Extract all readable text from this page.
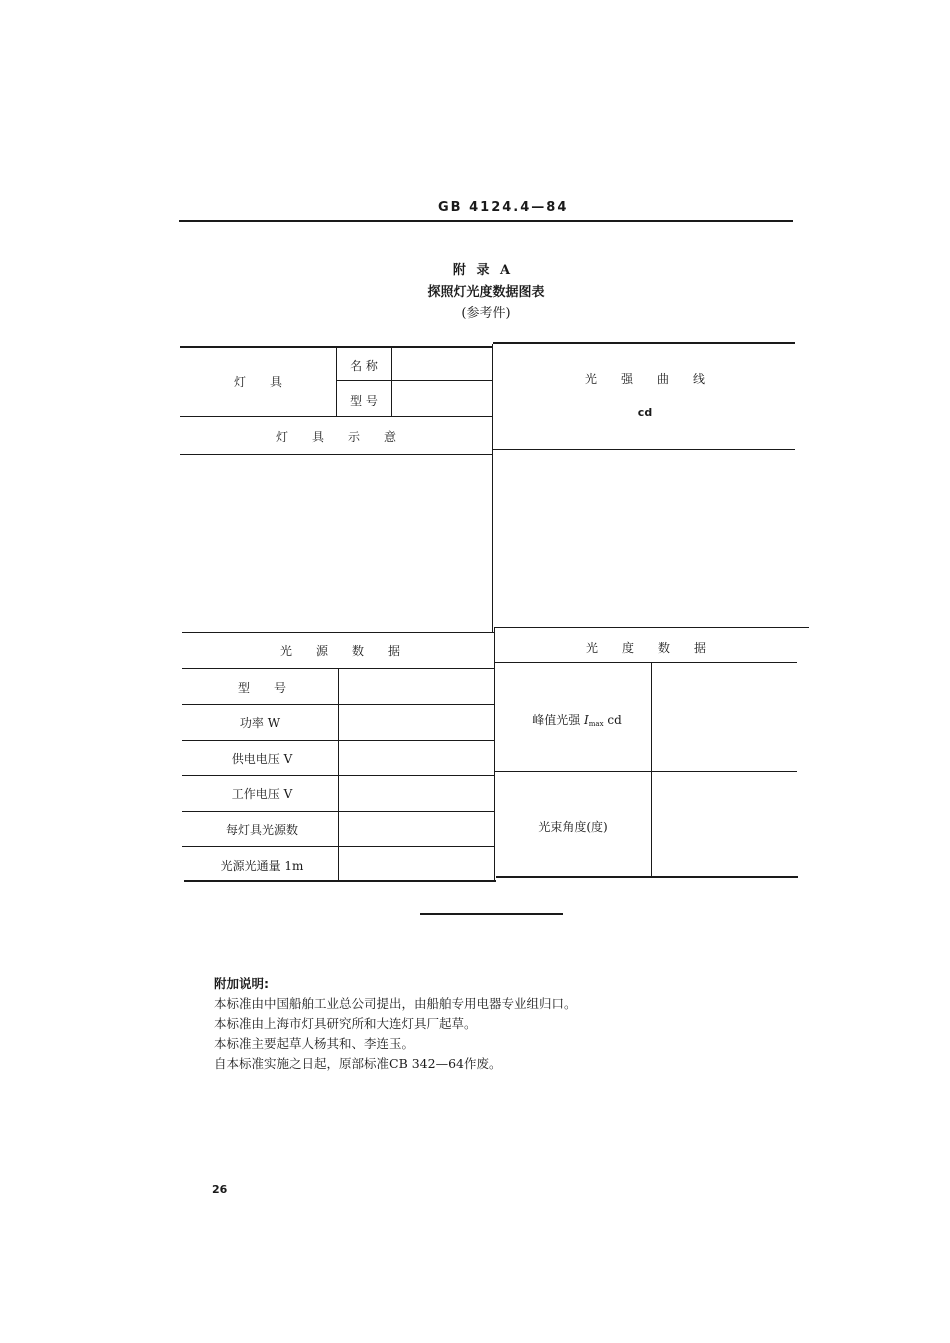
GB 4124.4—84
附 录 A
探照灯光度数据图表
(参考件)
灯　　具
名 称
型 号
灯　　具　　示　　意
光　　强　　曲　　线
cd
光　　源　　数　　据	光　　度　　数　　据
型　　号
功率 W
供电电压 V
工作电压 V
每灯具光源数
光源光通量 1m
峰值光强 $I_{max}$ cd
光束角度(度)
附加说明:
本标准由中国船舶工业总公司提出，由船舶专用电器专业组归口。
本标准由上海市灯具研究所和大连灯具厂起草。
本标准主要起草人杨其和、李连玉。
自本标准实施之日起，原部标准CB 342—64作废。
26
